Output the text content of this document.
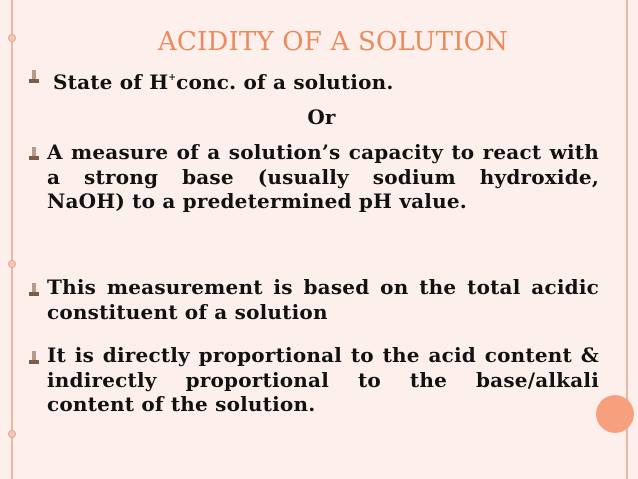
ACIDITY OF A SOLUTION
State of H+conc. of a solution.
Or
A measure of a solution’s capacity to react with a strong base (usually sodium hydroxide, NaOH) to a predetermined pH value.
This measurement is based on the total acidic constituent of a solution
It is directly proportional to the acid content & indirectly proportional to the base/alkali content of the solution.
